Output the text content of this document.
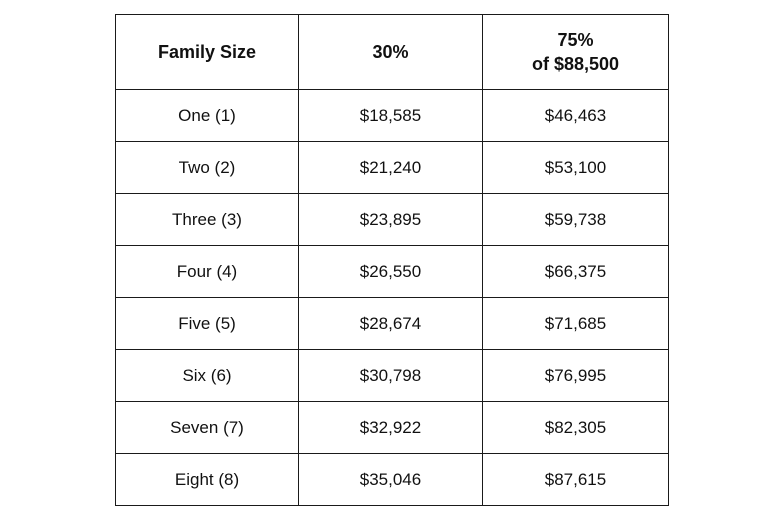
Family Size	30%	75%
of $88,500

One (1)	$18,585	$46,463
Two (2)	$21,240	$53,100
Three (3)	$23,895	$59,738
Four (4)	$26,550	$66,375
Five (5)	$28,674	$71,685
Six (6)	$30,798	$76,995
Seven (7)	$32,922	$82,305
Eight (8)	$35,046	$87,615
